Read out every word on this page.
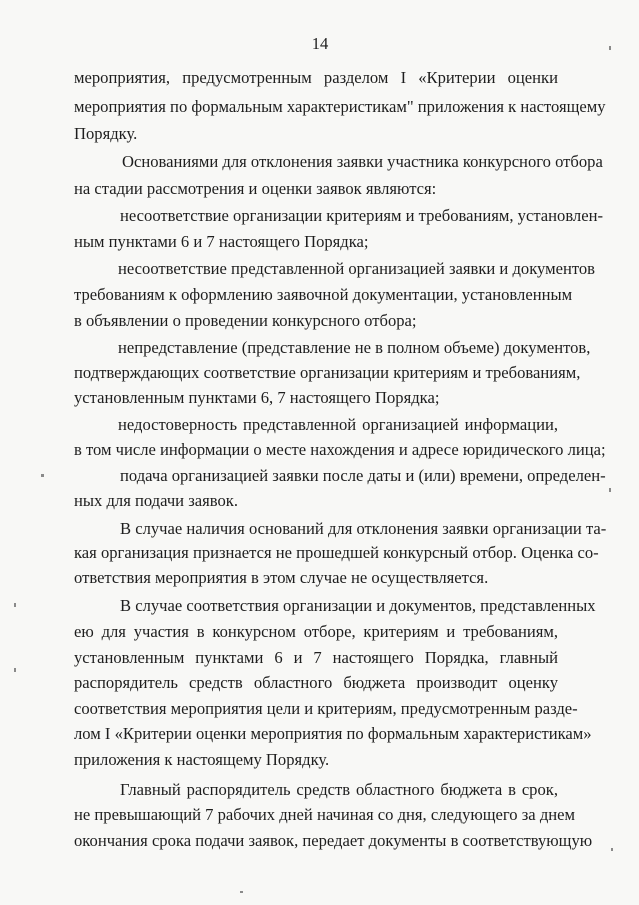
14
мероприятия, предусмотренным разделом I «Критерии оценки
мероприятия по формальным характеристикам" приложения к настоящему
Порядку.
Основаниями для отклонения заявки участника конкурсного отбора
на стадии рассмотрения и оценки заявок являются:
несоответствие организации критериям и требованиям, установлен-
ным пунктами 6 и 7 настоящего Порядка;
несоответствие представленной организацией заявки и документов
требованиям к оформлению заявочной документации, установленным
в объявлении о проведении конкурсного отбора;
непредставление (представление не в полном объеме) документов,
подтверждающих соответствие организации критериям и требованиям,
установленным пунктами 6, 7 настоящего Порядка;
недостоверность представленной организацией информации,
в том числе информации о месте нахождения и адресе юридического лица;
подача организацией заявки после даты и (или) времени, определен-
ных для подачи заявок.
В случае наличия оснований для отклонения заявки организации та-
кая организация признается не прошедшей конкурсный отбор. Оценка со-
ответствия мероприятия в этом случае не осуществляется.
В случае соответствия организации и документов, представленных
ею для участия в конкурсном отборе, критериям и требованиям,
установленным пунктами 6 и 7 настоящего Порядка, главный
распорядитель средств областного бюджета производит оценку
соответствия мероприятия цели и критериям, предусмотренным разде-
лом I «Критерии оценки мероприятия по формальным характеристикам»
приложения к настоящему Порядку.
Главный распорядитель средств областного бюджета в срок,
не превышающий 7 рабочих дней начиная со дня, следующего за днем
окончания срока подачи заявок, передает документы в соответствующую
